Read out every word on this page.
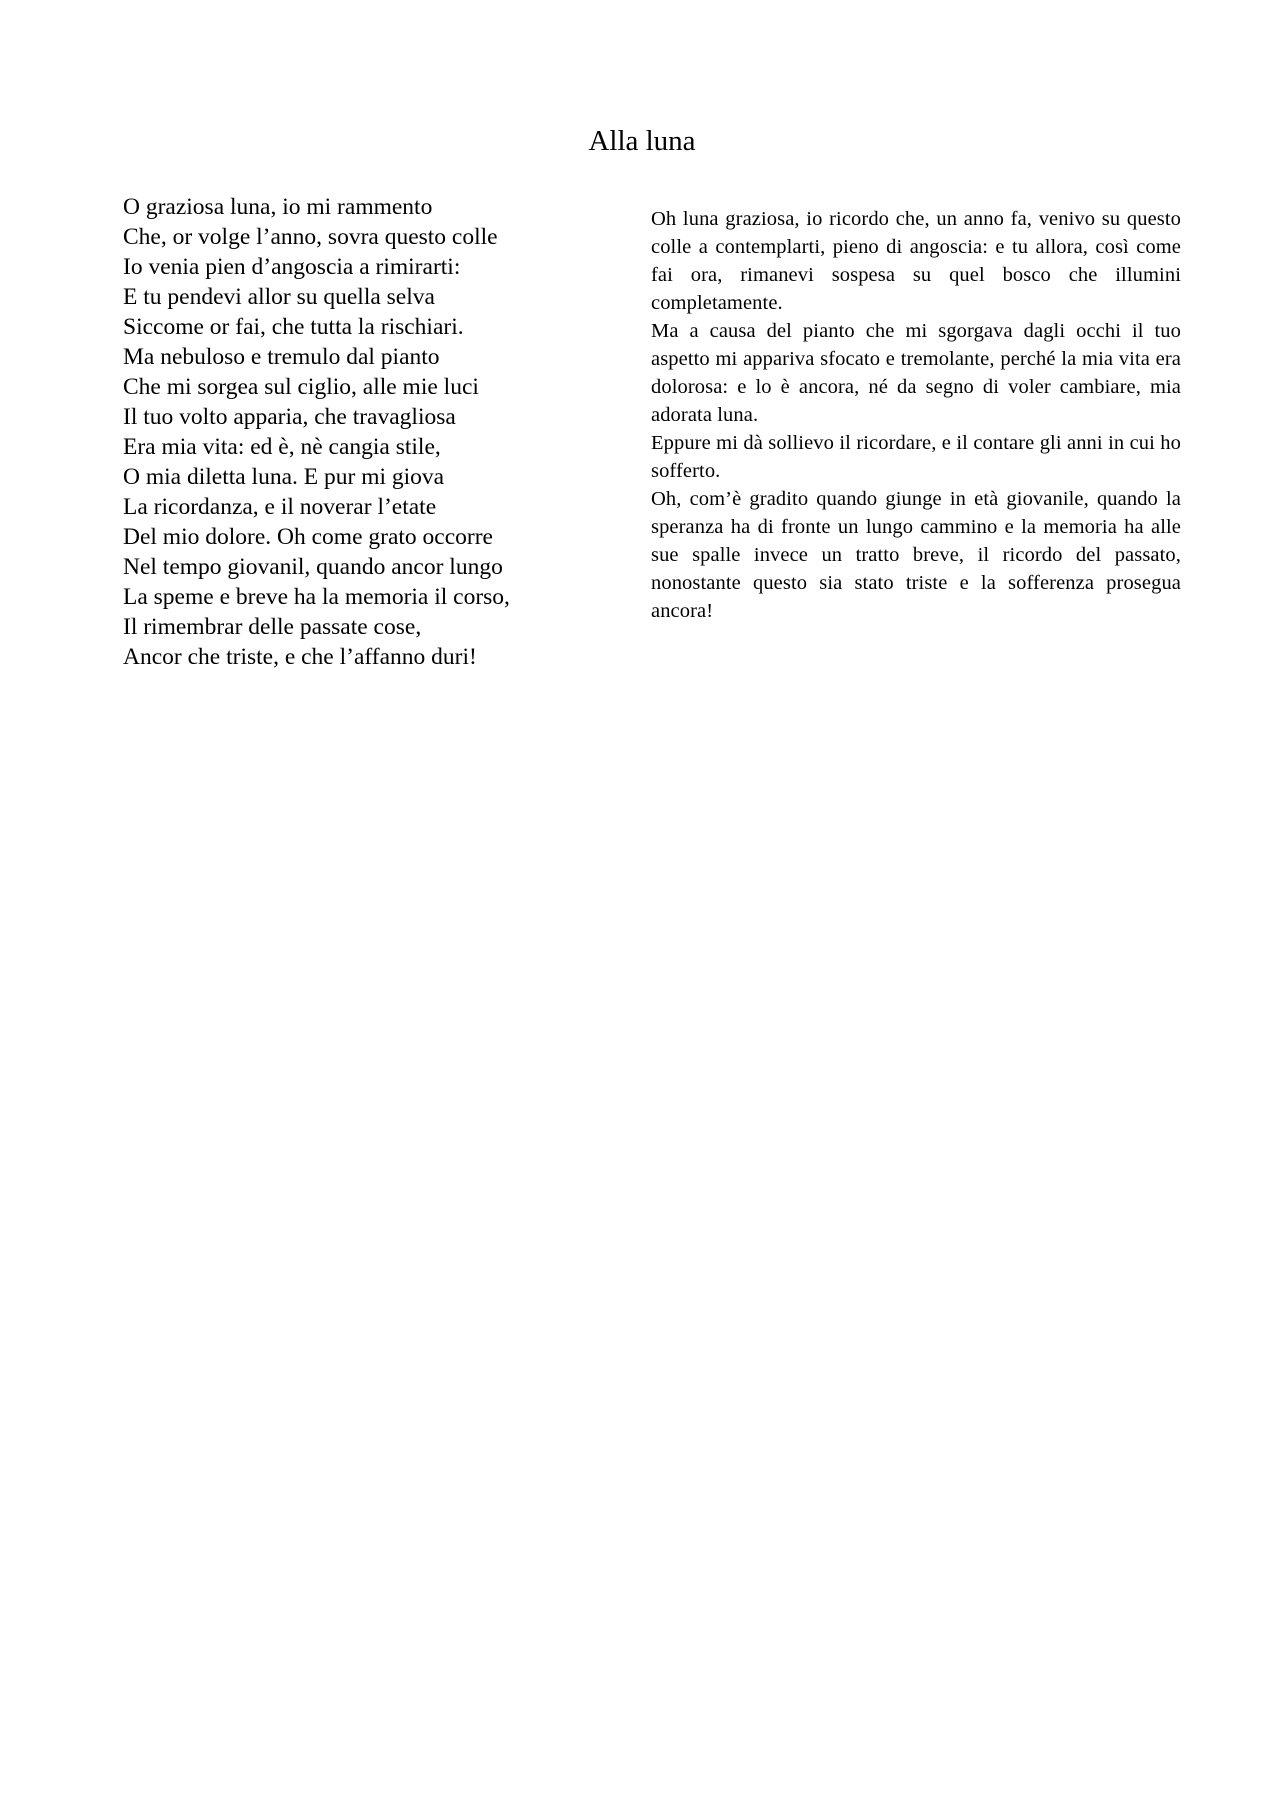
Alla luna
O graziosa luna, io mi rammento
Che, or volge l’anno, sovra questo colle
Io venia pien d’angoscia a rimirarti:
E tu pendevi allor su quella selva
Siccome or fai, che tutta la rischiari.
Ma nebuloso e tremulo dal pianto
Che mi sorgea sul ciglio, alle mie luci
Il tuo volto apparia, che travagliosa
Era mia vita: ed è, nè cangia stile,
O mia diletta luna. E pur mi giova
La ricordanza, e il noverar l’etate
Del mio dolore. Oh come grato occorre
Nel tempo giovanil, quando ancor lungo
La speme e breve ha la memoria il corso,
Il rimembrar delle passate cose,
Ancor che triste, e che l’affanno duri!

Oh luna graziosa, io ricordo che, un anno fa, venivo su questo colle a contemplarti, pieno di angoscia: e tu allora, così come fai ora, rimanevi sospesa su quel bosco che illumini completamente.

Ma a causa del pianto che mi sgorgava dagli occhi il tuo aspetto mi appariva sfocato e tremolante, perché la mia vita era dolorosa: e lo è ancora, né da segno di voler cambiare, mia adorata luna.

Eppure mi dà sollievo il ricordare, e il contare gli anni in cui ho sofferto.

Oh, com’è gradito quando giunge in età giovanile, quando la speranza ha di fronte un lungo cammino e la memoria ha alle sue spalle invece un tratto breve, il ricordo del passato, nonostante questo sia stato triste e la sofferenza prosegua ancora!
